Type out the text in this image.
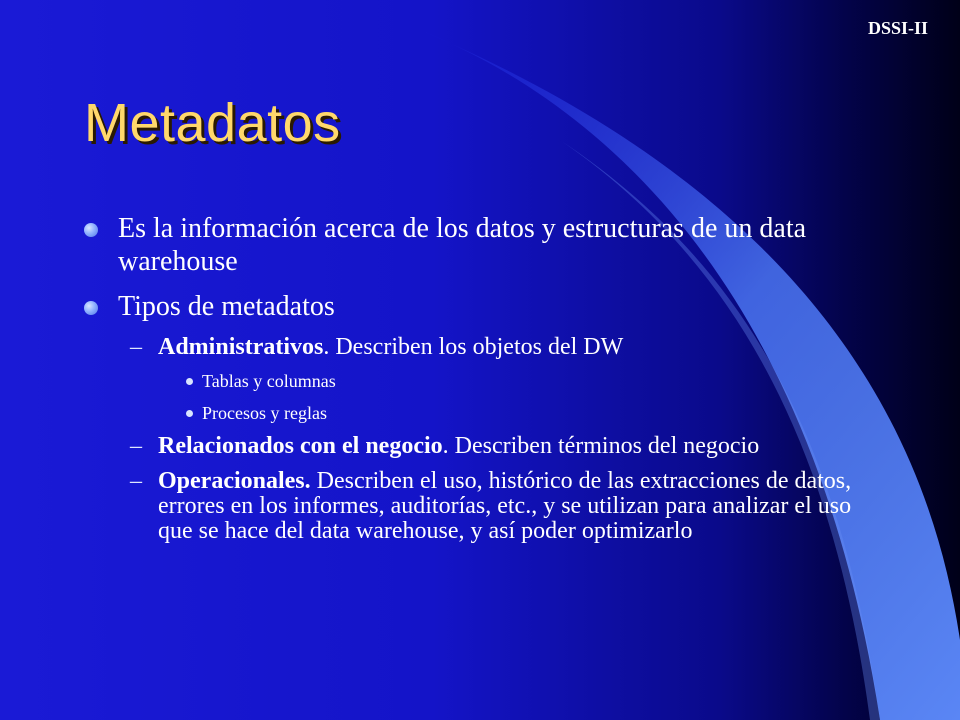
DSSI-II
Metadatos
Es la información acerca de los datos y estructuras de un data warehouse
Tipos de metadatos
– Administrativos. Describen los objetos del DW
Tablas y columnas
Procesos y reglas
– Relacionados con el negocio. Describen términos del negocio
– Operacionales. Describen el uso, histórico de las extracciones de datos, errores en los informes, auditorías, etc., y se utilizan para analizar el uso que se hace del data warehouse, y así poder optimizarlo
